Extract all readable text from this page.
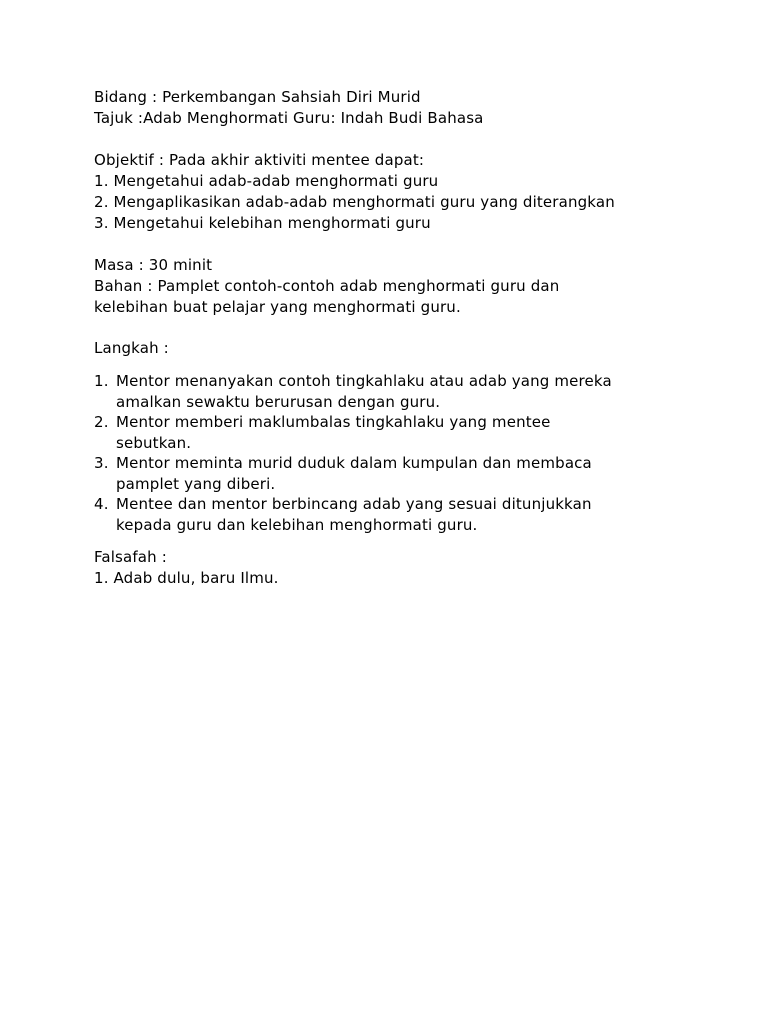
Bidang : Perkembangan Sahsiah Diri Murid
Tajuk :Adab Menghormati Guru: Indah Budi Bahasa
Objektif : Pada akhir aktiviti mentee dapat:
1. Mengetahui adab-adab menghormati guru
2. Mengaplikasikan adab-adab menghormati guru yang diterangkan
3. Mengetahui kelebihan menghormati guru
Masa : 30 minit
Bahan : Pamplet contoh-contoh adab menghormati guru dan
kelebihan buat pelajar yang menghormati guru.
Langkah :
1. Mentor menanyakan contoh tingkahlaku atau adab yang mereka
amalkan sewaktu berurusan dengan guru.
2. Mentor memberi maklumbalas tingkahlaku yang mentee
sebutkan.
3. Mentor meminta murid duduk dalam kumpulan dan membaca
pamplet yang diberi.
4. Mentee dan mentor berbincang adab yang sesuai ditunjukkan
kepada guru dan kelebihan menghormati guru.
Falsafah :
1. Adab dulu, baru Ilmu.
